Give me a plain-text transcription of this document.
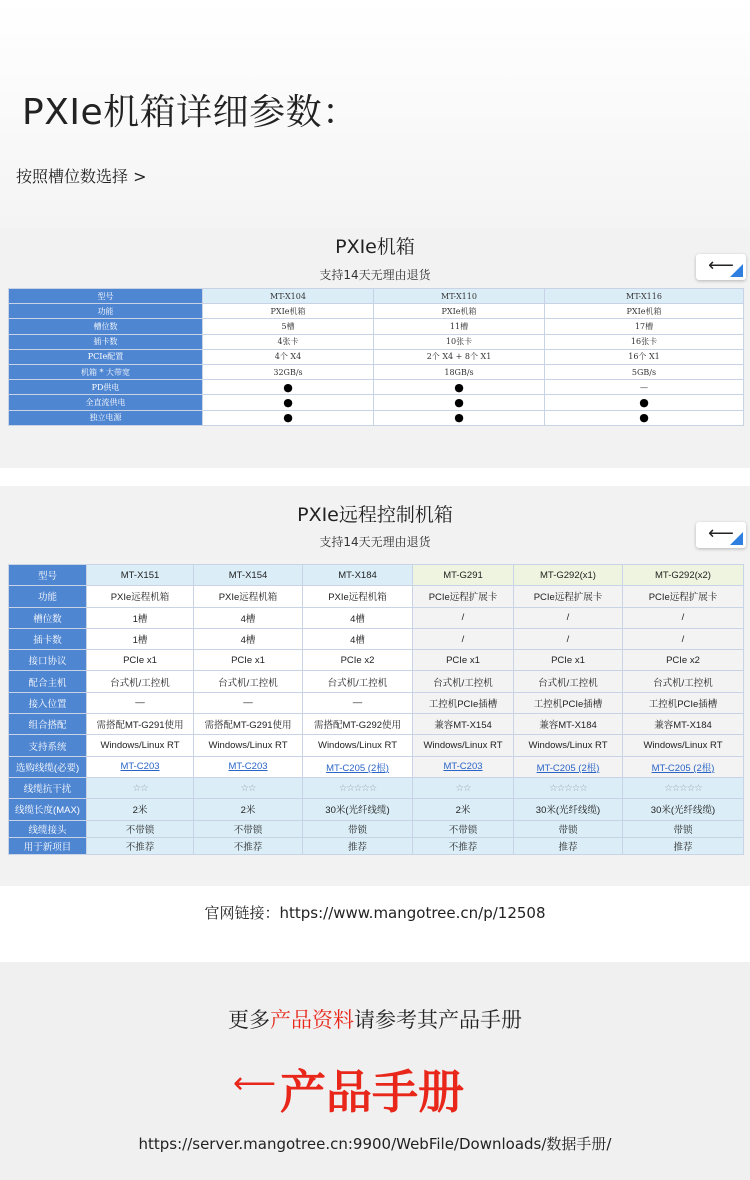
PXIe机箱详细参数：
按照槽位数选择 >
PXIe机箱
支持14天无理由退货	⟵
型号	MT-X104	MT-X110	MT-X116
功能	PXIe机箱	PXIe机箱	PXIe机箱
槽位数	5槽	11槽	17槽
插卡数	4张卡	10张卡	16张卡
PCIe配置	4个 X4	2个 X4 + 8个 X1	16个 X1
机箱 * 大带宽	32GB/s	18GB/s	5GB/s
PD供电	●	●	—
全直流供电	●	●	●
独立电源	●	●	●
PXIe远程控制机箱
支持14天无理由退货	⟵
型号	MT-X151	MT-X154	MT-X184	MT-G291	MT-G292(x1)	MT-G292(x2)
功能	PXIe远程机箱	PXIe远程机箱	PXIe远程机箱	PCIe远程扩展卡	PCIe远程扩展卡	PCIe远程扩展卡
槽位数	1槽	4槽	4槽	/	/	/
插卡数	1槽	4槽	4槽	/	/	/
接口协议	PCIe x1	PCIe x1	PCIe x2	PCIe x1	PCIe x1	PCIe x2
配合主机	台式机/工控机	台式机/工控机	台式机/工控机	台式机/工控机	台式机/工控机	台式机/工控机
接入位置	—	—	—	工控机PCIe插槽	工控机PCIe插槽	工控机PCIe插槽
组合搭配	需搭配MT-G291使用	需搭配MT-G291使用	需搭配MT-G292使用	兼容MT-X154	兼容MT-X184	兼容MT-X184
支持系统	Windows/Linux RT	Windows/Linux RT	Windows/Linux RT	Windows/Linux RT	Windows/Linux RT	Windows/Linux RT
选购线缆(必要)	MT-C203	MT-C203	MT-C205 (2根)	MT-C203	MT-C205 (2根)	MT-C205 (2根)
线缆抗干扰	☆☆	☆☆	☆☆☆☆☆	☆☆	☆☆☆☆☆	☆☆☆☆☆
线缆长度(MAX)	2米	2米	30米(光纤线缆)	2米	30米(光纤线缆)	30米(光纤线缆)
线缆接头	不带锁	不带锁	带锁	不带锁	带锁	带锁
用于新项目	不推荐	不推荐	推荐	不推荐	推荐	推荐
官网链接：https://www.mangotree.cn/p/12508
更多产品资料请参考其产品手册
⟵ 产品手册
https://server.mangotree.cn:9900/WebFile/Downloads/数据手册/
